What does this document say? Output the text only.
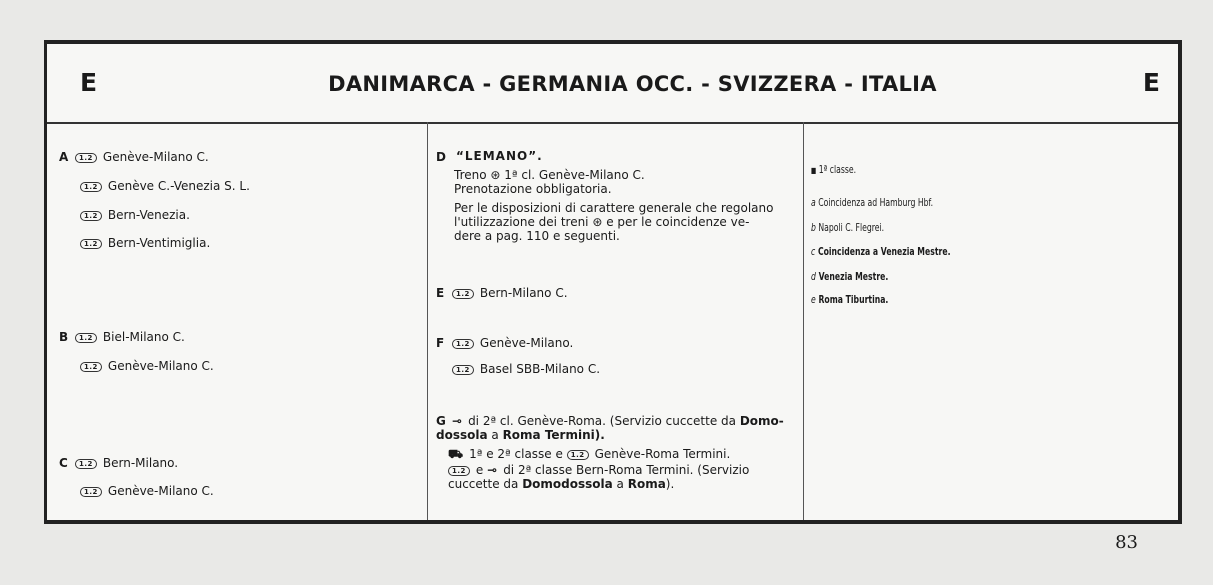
E	DANIMARCA - GERMANIA OCC. - SVIZZERA - ITALIA	E
A	1.2 Genève-Milano C.
1.2 Genève C.-Venezia S. L.
1.2 Bern-Venezia.
1.2 Bern-Ventimiglia.
B	1.2 Biel-Milano C.
1.2 Genève-Milano C.
C	1.2 Bern-Milano.
1.2 Genève-Milano C.
D “LEMANO”.
Treno ⊛ 1ª cl. Genève-Milano C.
Prenotazione obbligatoria.
Per le disposizioni di carattere generale che regolano
l'utilizzazione dei treni ⊛ e per le coincidenze ve-
dere a pag. 110 e seguenti.
E	1.2 Bern-Milano C.
F	1.2 Genève-Milano.
1.2 Basel SBB-Milano C.
G ⊸ di 2ª cl. Genève-Roma. (Servizio cuccette da Domo-
dossola a Roma Termini).
⛟ 1ª e 2ª classe e 1.2 Genève-Roma Termini.
1.2 e ⊸ di 2ª classe Bern-Roma Termini. (Servizio
cuccette da Domodossola a Roma).
■ 1ª classe.
a Coincidenza ad Hamburg Hbf.
b Napoli C. Flegrei.
c Coincidenza a Venezia Mestre.
d Venezia Mestre.
e Roma Tiburtina.
83
